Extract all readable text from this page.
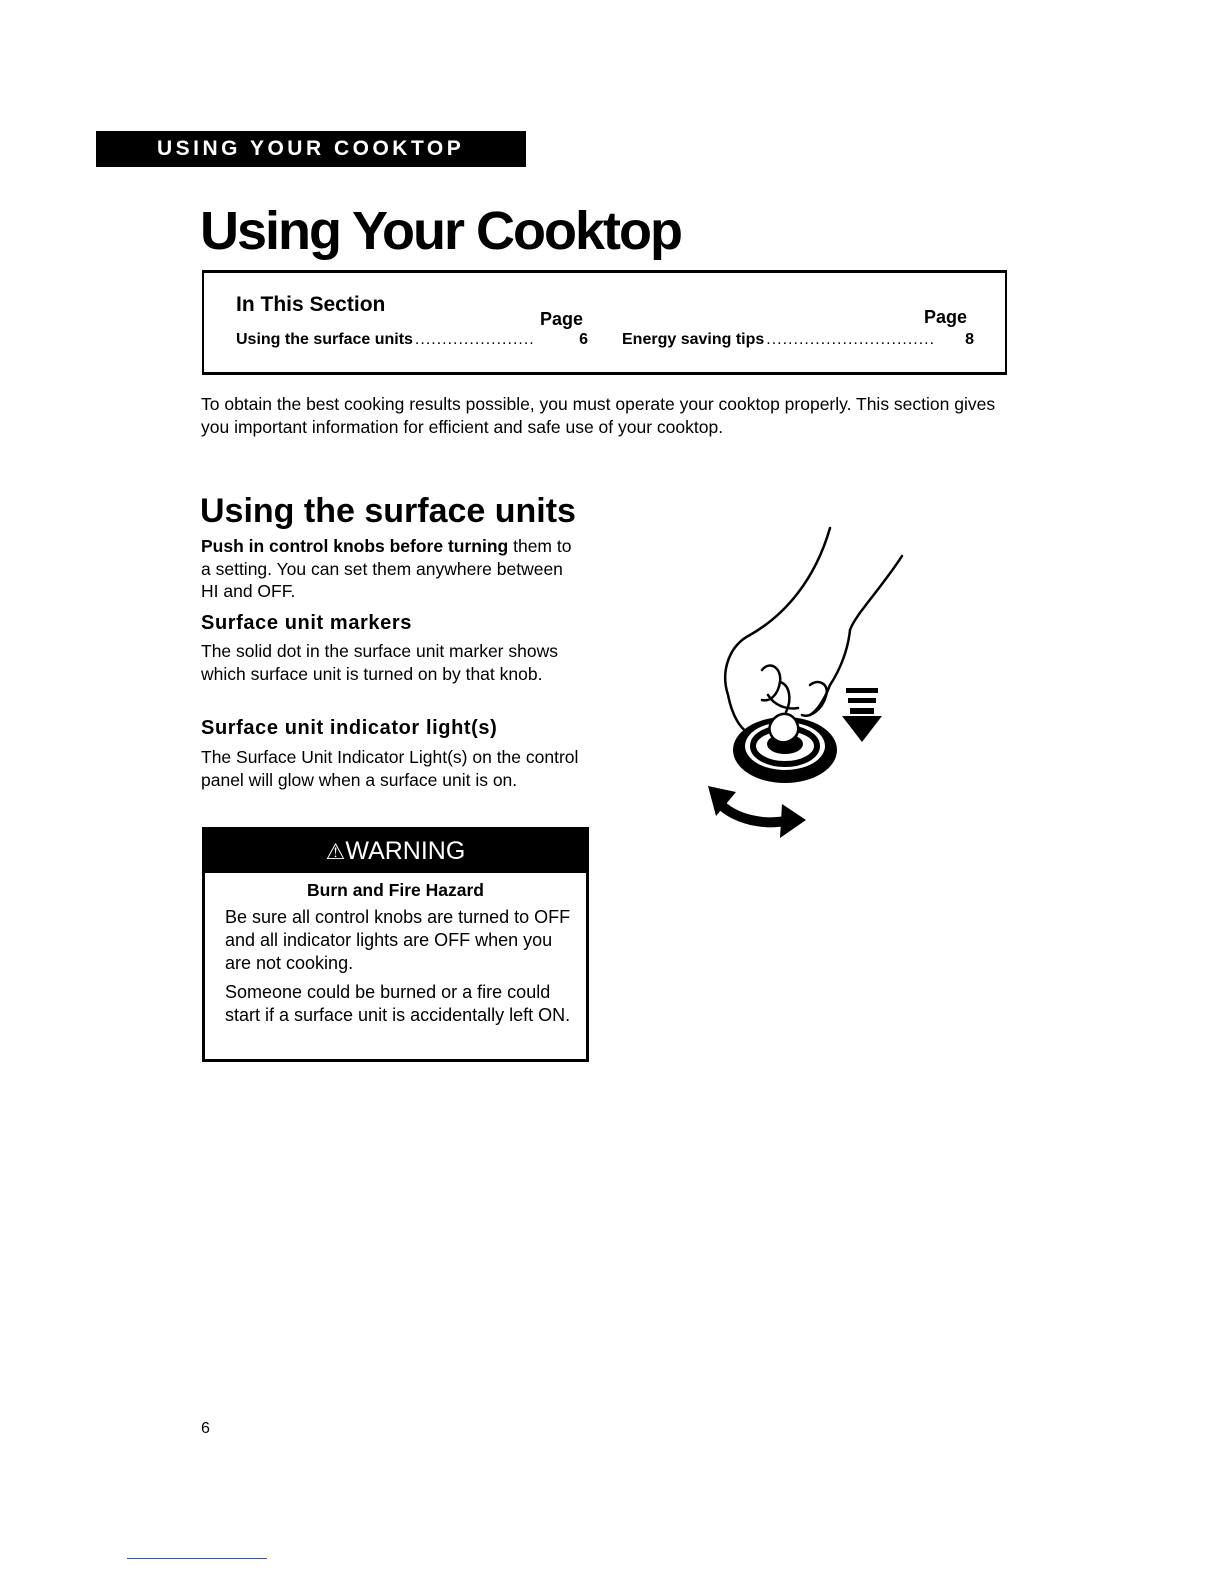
USING YOUR COOKTOP
Using Your Cooktop
In This Section
Page	Page
Using the surface units ......................	6 Energy saving tips ...............................	8

To obtain the best cooking results possible, you must operate your cooktop properly. This section gives you important information for efficient and safe use of your cooktop.

Using the surface units

Push in control knobs before turning them to a setting. You can set them anywhere between HI and OFF.

Surface unit markers

The solid dot in the surface unit marker shows which surface unit is turned on by that knob.

Surface unit indicator light(s)

The Surface Unit Indicator Light(s) on the control panel will glow when a surface unit is on.

⚠WARNING
Burn and Fire Hazard

Be sure all control knobs are turned to OFF and all indicator lights are OFF when you are not cooking.

Someone could be burned or a fire could start if a surface unit is accidentally left ON.

6
